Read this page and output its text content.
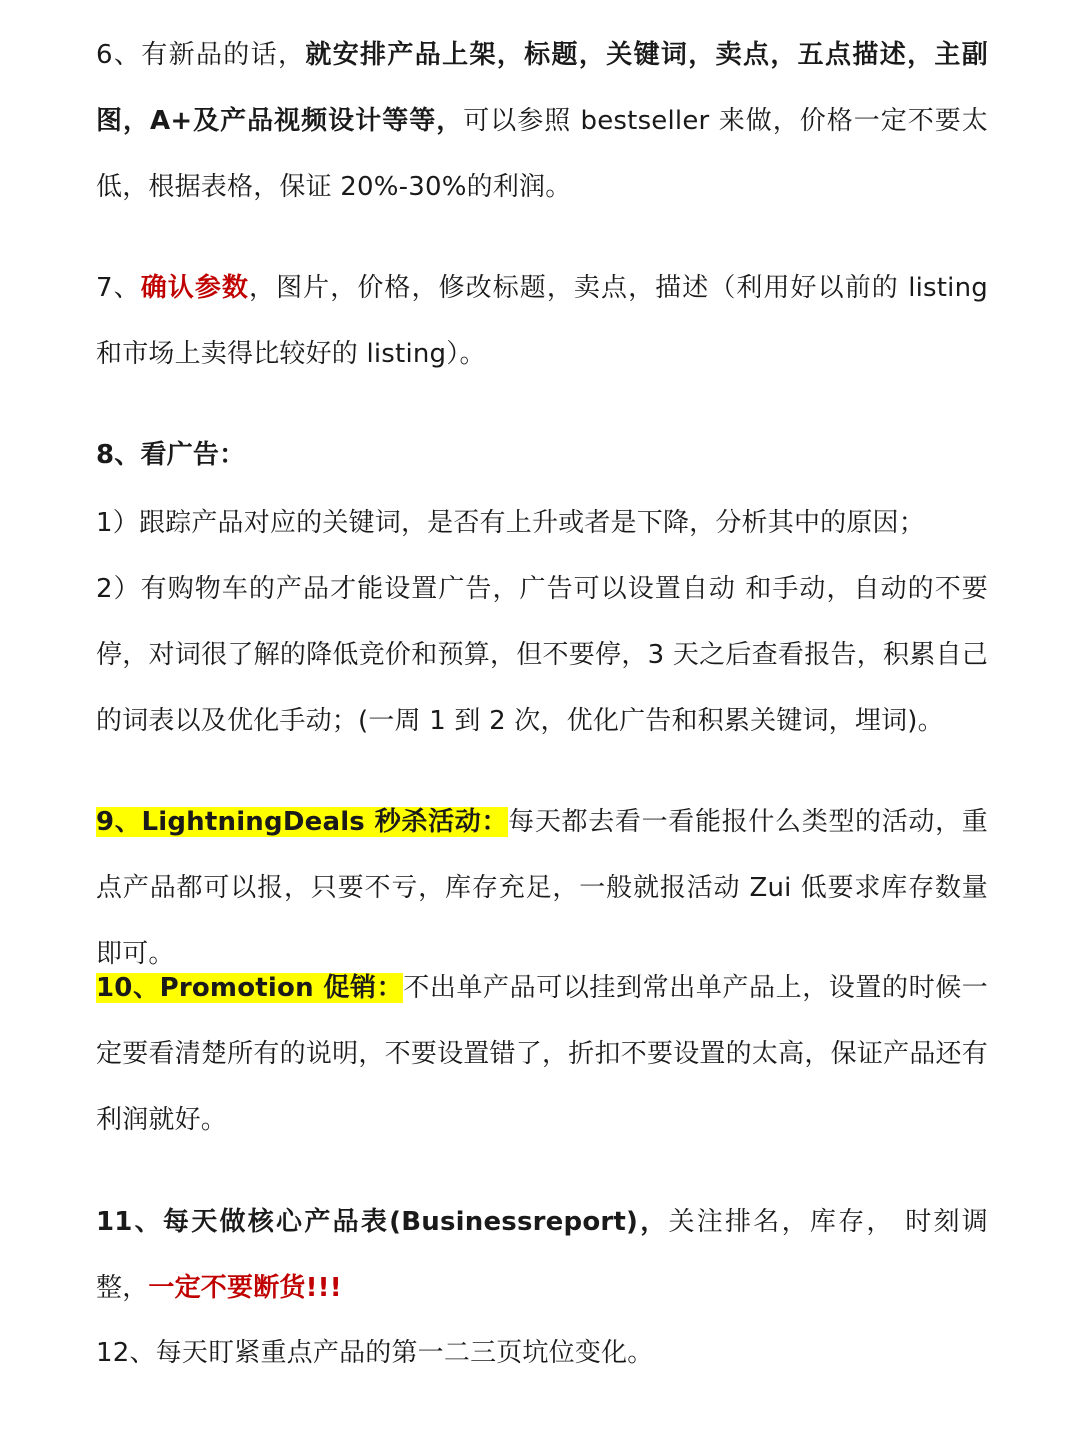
6、有新品的话，就安排产品上架，标题，关键词，卖点，五点描述，主副图，A+及产品视频设计等等，可以参照 bestseller 来做，价格一定不要太低，根据表格，保证 20%-30%的利润。

7、确认参数，图片，价格，修改标题，卖点，描述（利用好以前的 listing 和市场上卖得比较好的 listing）。

8、看广告：

1）跟踪产品对应的关键词，是否有上升或者是下降，分析其中的原因；

2）有购物车的产品才能设置广告，广告可以设置自动 和手动，自动的不要停，对词很了解的降低竞价和预算，但不要停，3 天之后查看报告，积累自己的词表以及优化手动；(一周 1 到 2 次，优化广告和积累关键词，埋词)。

9、LightningDeals 秒杀活动：每天都去看一看能报什么类型的活动，重点产品都可以报，只要不亏，库存充足，一般就报活动 Zui 低要求库存数量即可。

10、Promotion 促销：不出单产品可以挂到常出单产品上，设置的时候一定要看清楚所有的说明，不要设置错了，折扣不要设置的太高，保证产品还有利润就好。

11、每天做核心产品表(Businessreport)，关注排名，库存， 时刻调整，一定不要断货!!!

12、每天盯紧重点产品的第一二三页坑位变化。
